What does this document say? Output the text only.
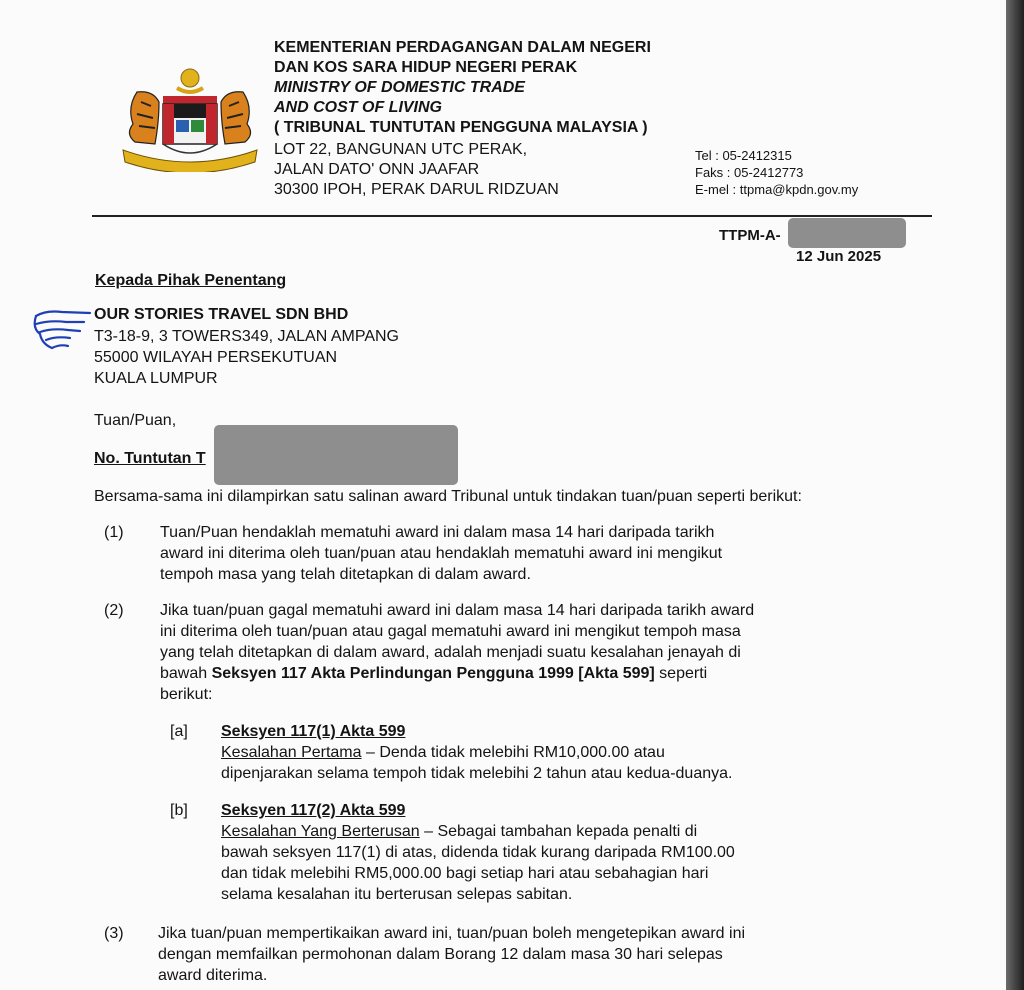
KEMENTERIAN PERDAGANGAN DALAM NEGERI
DAN KOS SARA HIDUP NEGERI PERAK
MINISTRY OF DOMESTIC TRADE
AND COST OF LIVING
( TRIBUNAL TUNTUTAN PENGGUNA MALAYSIA )
LOT 22, BANGUNAN UTC PERAK,
JALAN DATO' ONN JAAFAR
30300 IPOH, PERAK DARUL RIDZUAN
Tel : 05-2412315
Faks : 05-2412773
E-mel : ttpma@kpdn.gov.my
TTPM-A-
12 Jun 2025
Kepada Pihak Penentang
OUR STORIES TRAVEL SDN BHD
T3-18-9, 3 TOWERS349, JALAN AMPANG
55000 WILAYAH PERSEKUTUAN
KUALA LUMPUR
Tuan/Puan,
No. Tuntutan T
Bersama-sama ini dilampirkan satu salinan award Tribunal untuk tindakan tuan/puan seperti berikut:
(1) Tuan/Puan hendaklah mematuhi award ini dalam masa 14 hari daripada tarikh
award ini diterima oleh tuan/puan atau hendaklah mematuhi award ini mengikut
tempoh masa yang telah ditetapkan di dalam award.
(2) Jika tuan/puan gagal mematuhi award ini dalam masa 14 hari daripada tarikh award
ini diterima oleh tuan/puan atau gagal mematuhi award ini mengikut tempoh masa
yang telah ditetapkan di dalam award, adalah menjadi suatu kesalahan jenayah di
bawah Seksyen 117 Akta Perlindungan Pengguna 1999 [Akta 599] seperti
berikut:
[a] Seksyen 117(1) Akta 599
Kesalahan Pertama – Denda tidak melebihi RM10,000.00 atau
dipenjarakan selama tempoh tidak melebihi 2 tahun atau kedua-duanya.
[b] Seksyen 117(2) Akta 599
Kesalahan Yang Berterusan – Sebagai tambahan kepada penalti di
bawah seksyen 117(1) di atas, didenda tidak kurang daripada RM100.00
dan tidak melebihi RM5,000.00 bagi setiap hari atau sebahagian hari
selama kesalahan itu berterusan selepas sabitan.
(3) Jika tuan/puan mempertikaikan award ini, tuan/puan boleh mengetepikan award ini
dengan memfailkan permohonan dalam Borang 12 dalam masa 30 hari selepas
award diterima.
